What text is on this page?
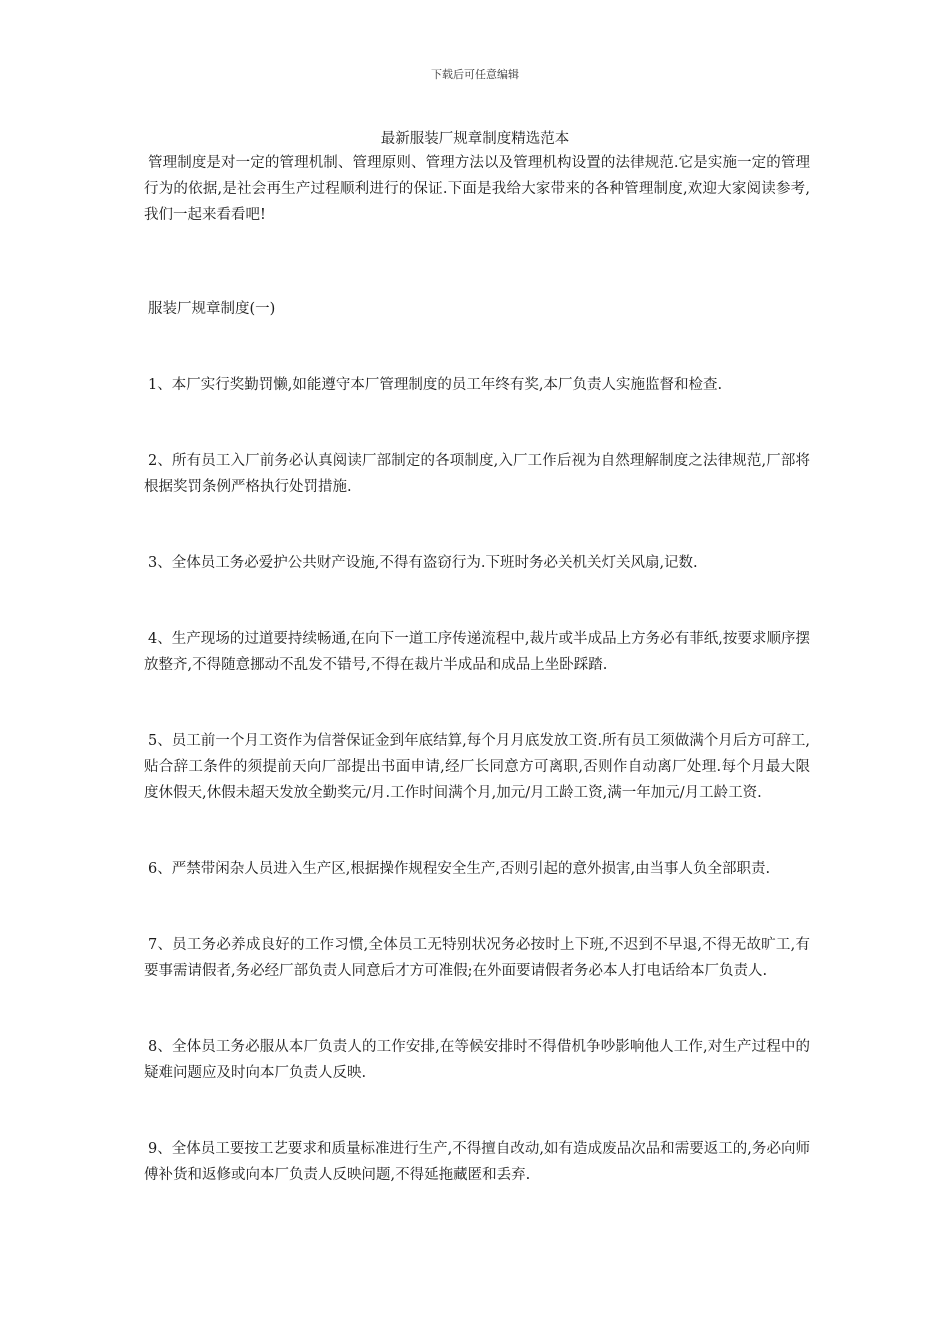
下载后可任意编辑
最新服装厂规章制度精选范本

管理制度是对一定的管理机制、管理原则、管理方法以及管理机构设置的法律规范.它是实施一定的管理行为的依据,是社会再生产过程顺利进行的保证.下面是我给大家带来的各种管理制度,欢迎大家阅读参考,我们一起来看看吧!

服装厂规章制度(一)

1、本厂实行奖勤罚懒,如能遵守本厂管理制度的员工年终有奖,本厂负责人实施监督和检查.

2、所有员工入厂前务必认真阅读厂部制定的各项制度,入厂工作后视为自然理解制度之法律规范,厂部将根据奖罚条例严格执行处罚措施.

3、全体员工务必爱护公共财产设施,不得有盗窃行为.下班时务必关机关灯关风扇,记数.

4、生产现场的过道要持续畅通,在向下一道工序传递流程中,裁片或半成品上方务必有菲纸,按要求顺序摆放整齐,不得随意挪动不乱发不错号,不得在裁片半成品和成品上坐卧踩踏.

5、员工前一个月工资作为信誉保证金到年底结算,每个月月底发放工资.所有员工须做满个月后方可辞工,贴合辞工条件的须提前天向厂部提出书面申请,经厂长同意方可离职,否则作自动离厂处理.每个月最大限度休假天,休假未超天发放全勤奖元/月.工作时间满个月,加元/月工龄工资,满一年加元/月工龄工资.

6、严禁带闲杂人员进入生产区,根据操作规程安全生产,否则引起的意外损害,由当事人负全部职责.

7、员工务必养成良好的工作习惯,全体员工无特别状况务必按时上下班,不迟到不早退,不得无故旷工,有要事需请假者,务必经厂部负责人同意后才方可准假;在外面要请假者务必本人打电话给本厂负责人.

8、全体员工务必服从本厂负责人的工作安排,在等候安排时不得借机争吵影响他人工作,对生产过程中的疑难问题应及时向本厂负责人反映.

9、全体员工要按工艺要求和质量标准进行生产,不得擅自改动,如有造成废品次品和需要返工的,务必向师傅补货和返修或向本厂负责人反映问题,不得延拖藏匿和丢弃.
